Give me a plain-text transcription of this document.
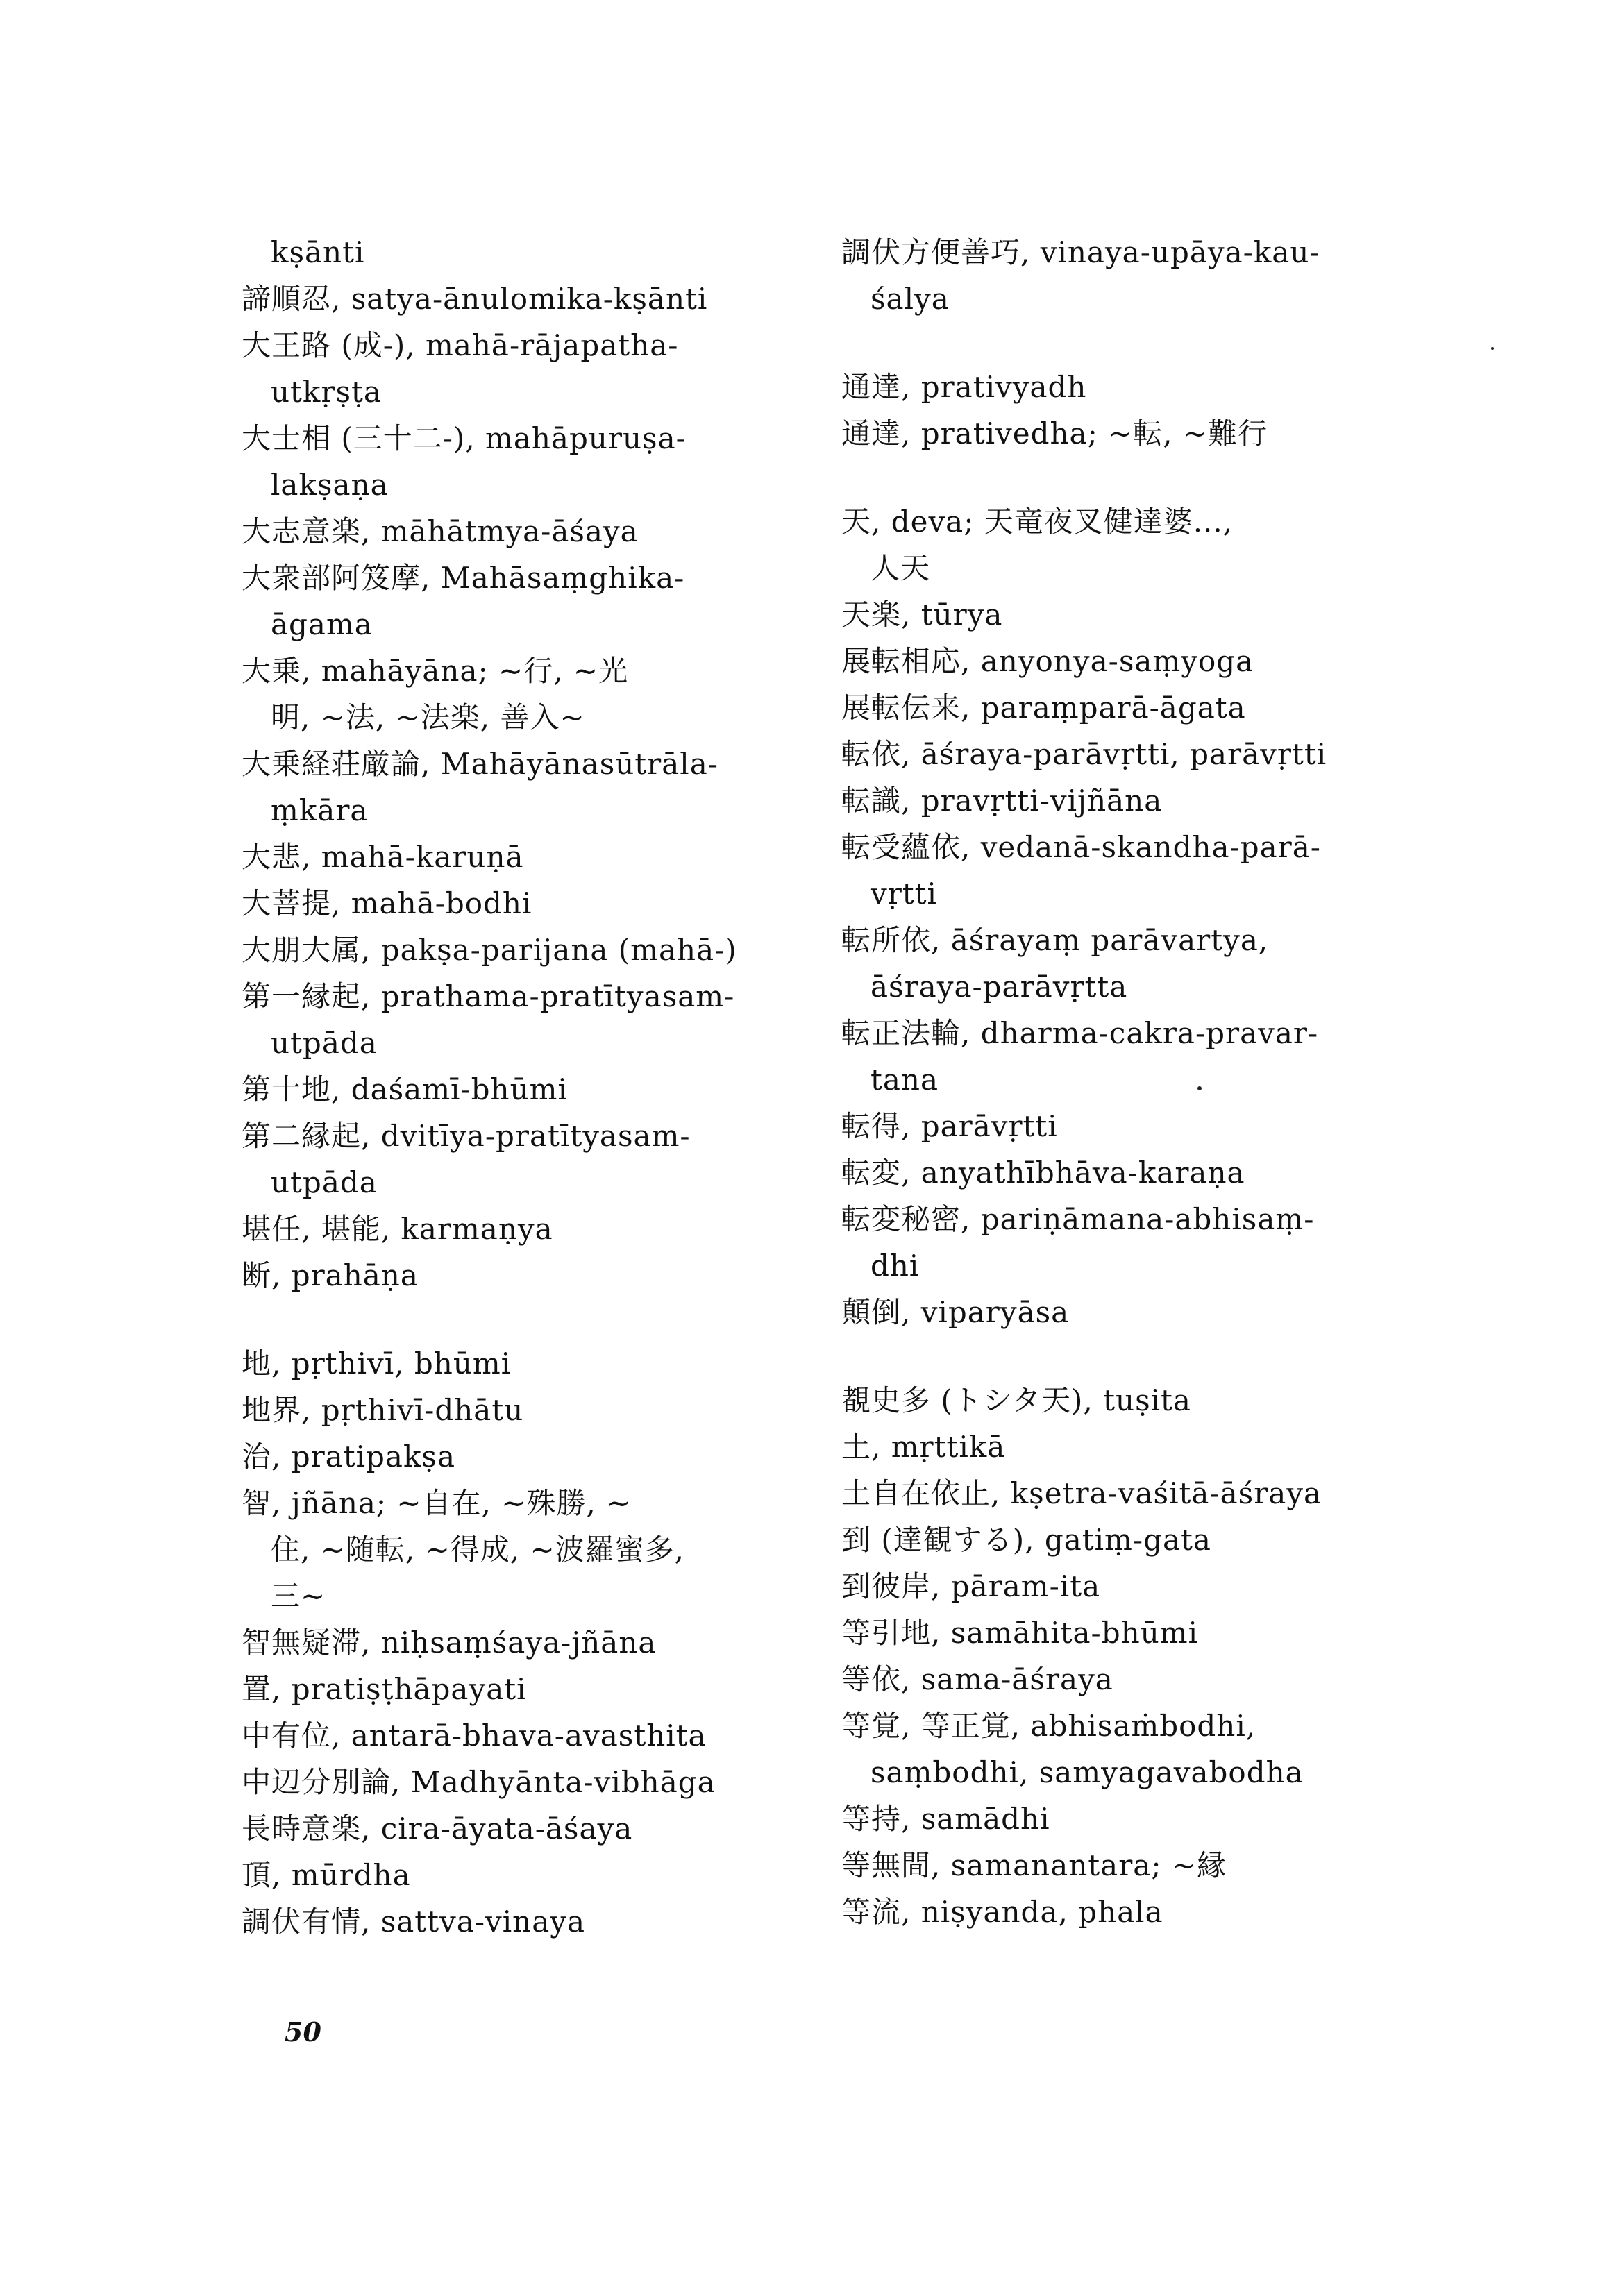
kṣānti
諦順忍, satya-ānulomika-kṣānti
大王路 (成-), mahā-rājapatha-
utkṛṣṭa
大士相 (三十二-), mahāpuruṣa-
lakṣaṇa
大志意楽, māhātmya-āśaya
大衆部阿笈摩, Mahāsaṃghika-
āgama
大乗, mahāyāna; ~行, ~光
明, ~法, ~法楽, 善入~
大乗経荘厳論, Mahāyānasūtrāla-
ṃkāra
大悲, mahā-karuṇā
大菩提, mahā-bodhi
大朋大属, pakṣa-parijana (mahā-)
第一縁起, prathama-pratītyasam-
utpāda
第十地, daśamī-bhūmi
第二縁起, dvitīya-pratītyasam-
utpāda
堪任, 堪能, karmaṇya
断, prahāṇa
地, pṛthivī, bhūmi
地界, pṛthivī-dhātu
治, pratipakṣa
智, jñāna; ~自在, ~殊勝, ~
住, ~随転, ~得成, ~波羅蜜多,
三~
智無疑滞, niḥsaṃśaya-jñāna
置, pratiṣṭhāpayati
中有位, antarā-bhava-avasthita
中辺分別論, Madhyānta-vibhāga
長時意楽, cira-āyata-āśaya
頂, mūrdha
調伏有情, sattva-vinaya
調伏方便善巧, vinaya-upāya-kau-
śalya
通達, prativyadh
通達, prativedha; ~転, ~難行
天, deva; 天竜夜叉健達婆...,
人天
天楽, tūrya
展転相応, anyonya-saṃyoga
展転伝来, paraṃparā-āgata
転依, āśraya-parāvṛtti, parāvṛtti
転識, pravṛtti-vijñāna
転受蘊依, vedanā-skandha-parā-
vṛtti
転所依, āśrayaṃ parāvartya,
āśraya-parāvṛtta
転正法輪, dharma-cakra-pravar-
tana
転得, parāvṛtti
転変, anyathībhāva-karaṇa
転変秘密, pariṇāmana-abhisaṃ-
dhi
顛倒, viparyāsa
覩史多 (トシタ天), tuṣita
土, mṛttikā
土自在依止, kṣetra-vaśitā-āśraya
到 (達観する), gatiṃ-gata
到彼岸, pāram-ita
等引地, samāhita-bhūmi
等依, sama-āśraya
等覚, 等正覚, abhisaṁbodhi,
saṃbodhi, samyagavabodha
等持, samādhi
等無間, samanantara; ~縁
等流, niṣyanda, phala
50
